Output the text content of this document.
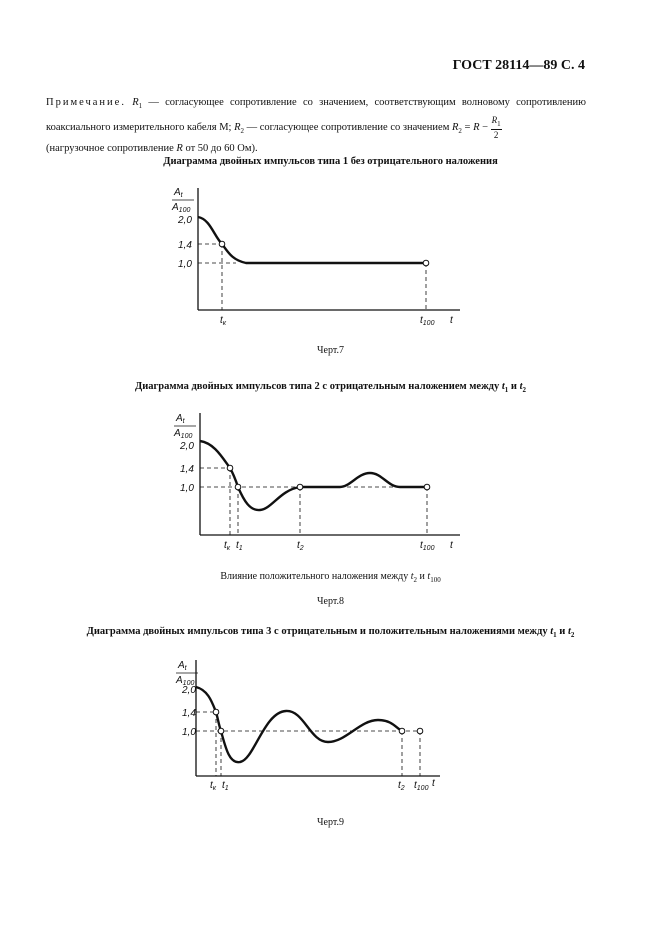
ГОСТ 28114—89 С. 4
Примечание. $R_1$ — согласующее сопротивление со значением, соответствующим волновому сопротивлению коаксиального измерительного кабеля М; $R_2$ — согласующее сопротивление со значением $R_2 = R - \frac{R_1}{2}$

(нагрузочное сопротивление R от 50 до 60 Ом).
Диаграмма двойных импульсов типа 1 без отрицательного наложения
$A_t$
$A_{100}$
2,0
1,4
1,0
$t_к$	$t_{100}$ t
Черт.7
Диаграмма двойных импульсов типа 2 с отрицательным наложением между $t_1$ и $t_2$
$A_t$
$A_{100}$
2,0
1,4
1,0
$t_к$ $t_1$	$t_2$	$t_{100}$ t
Влияние положительного наложения между $t_2$ и $t_{100}$
Черт.8
Диаграмма двойных импульсов типа 3 с отрицательным и положительным наложениями между $t_1$ и $t_2$
$A_t$
$A_{100}$
2,0
1,4
1,0
$t_к$ $t_1$	$t_2$ $t_{100}$ t
Черт.9
